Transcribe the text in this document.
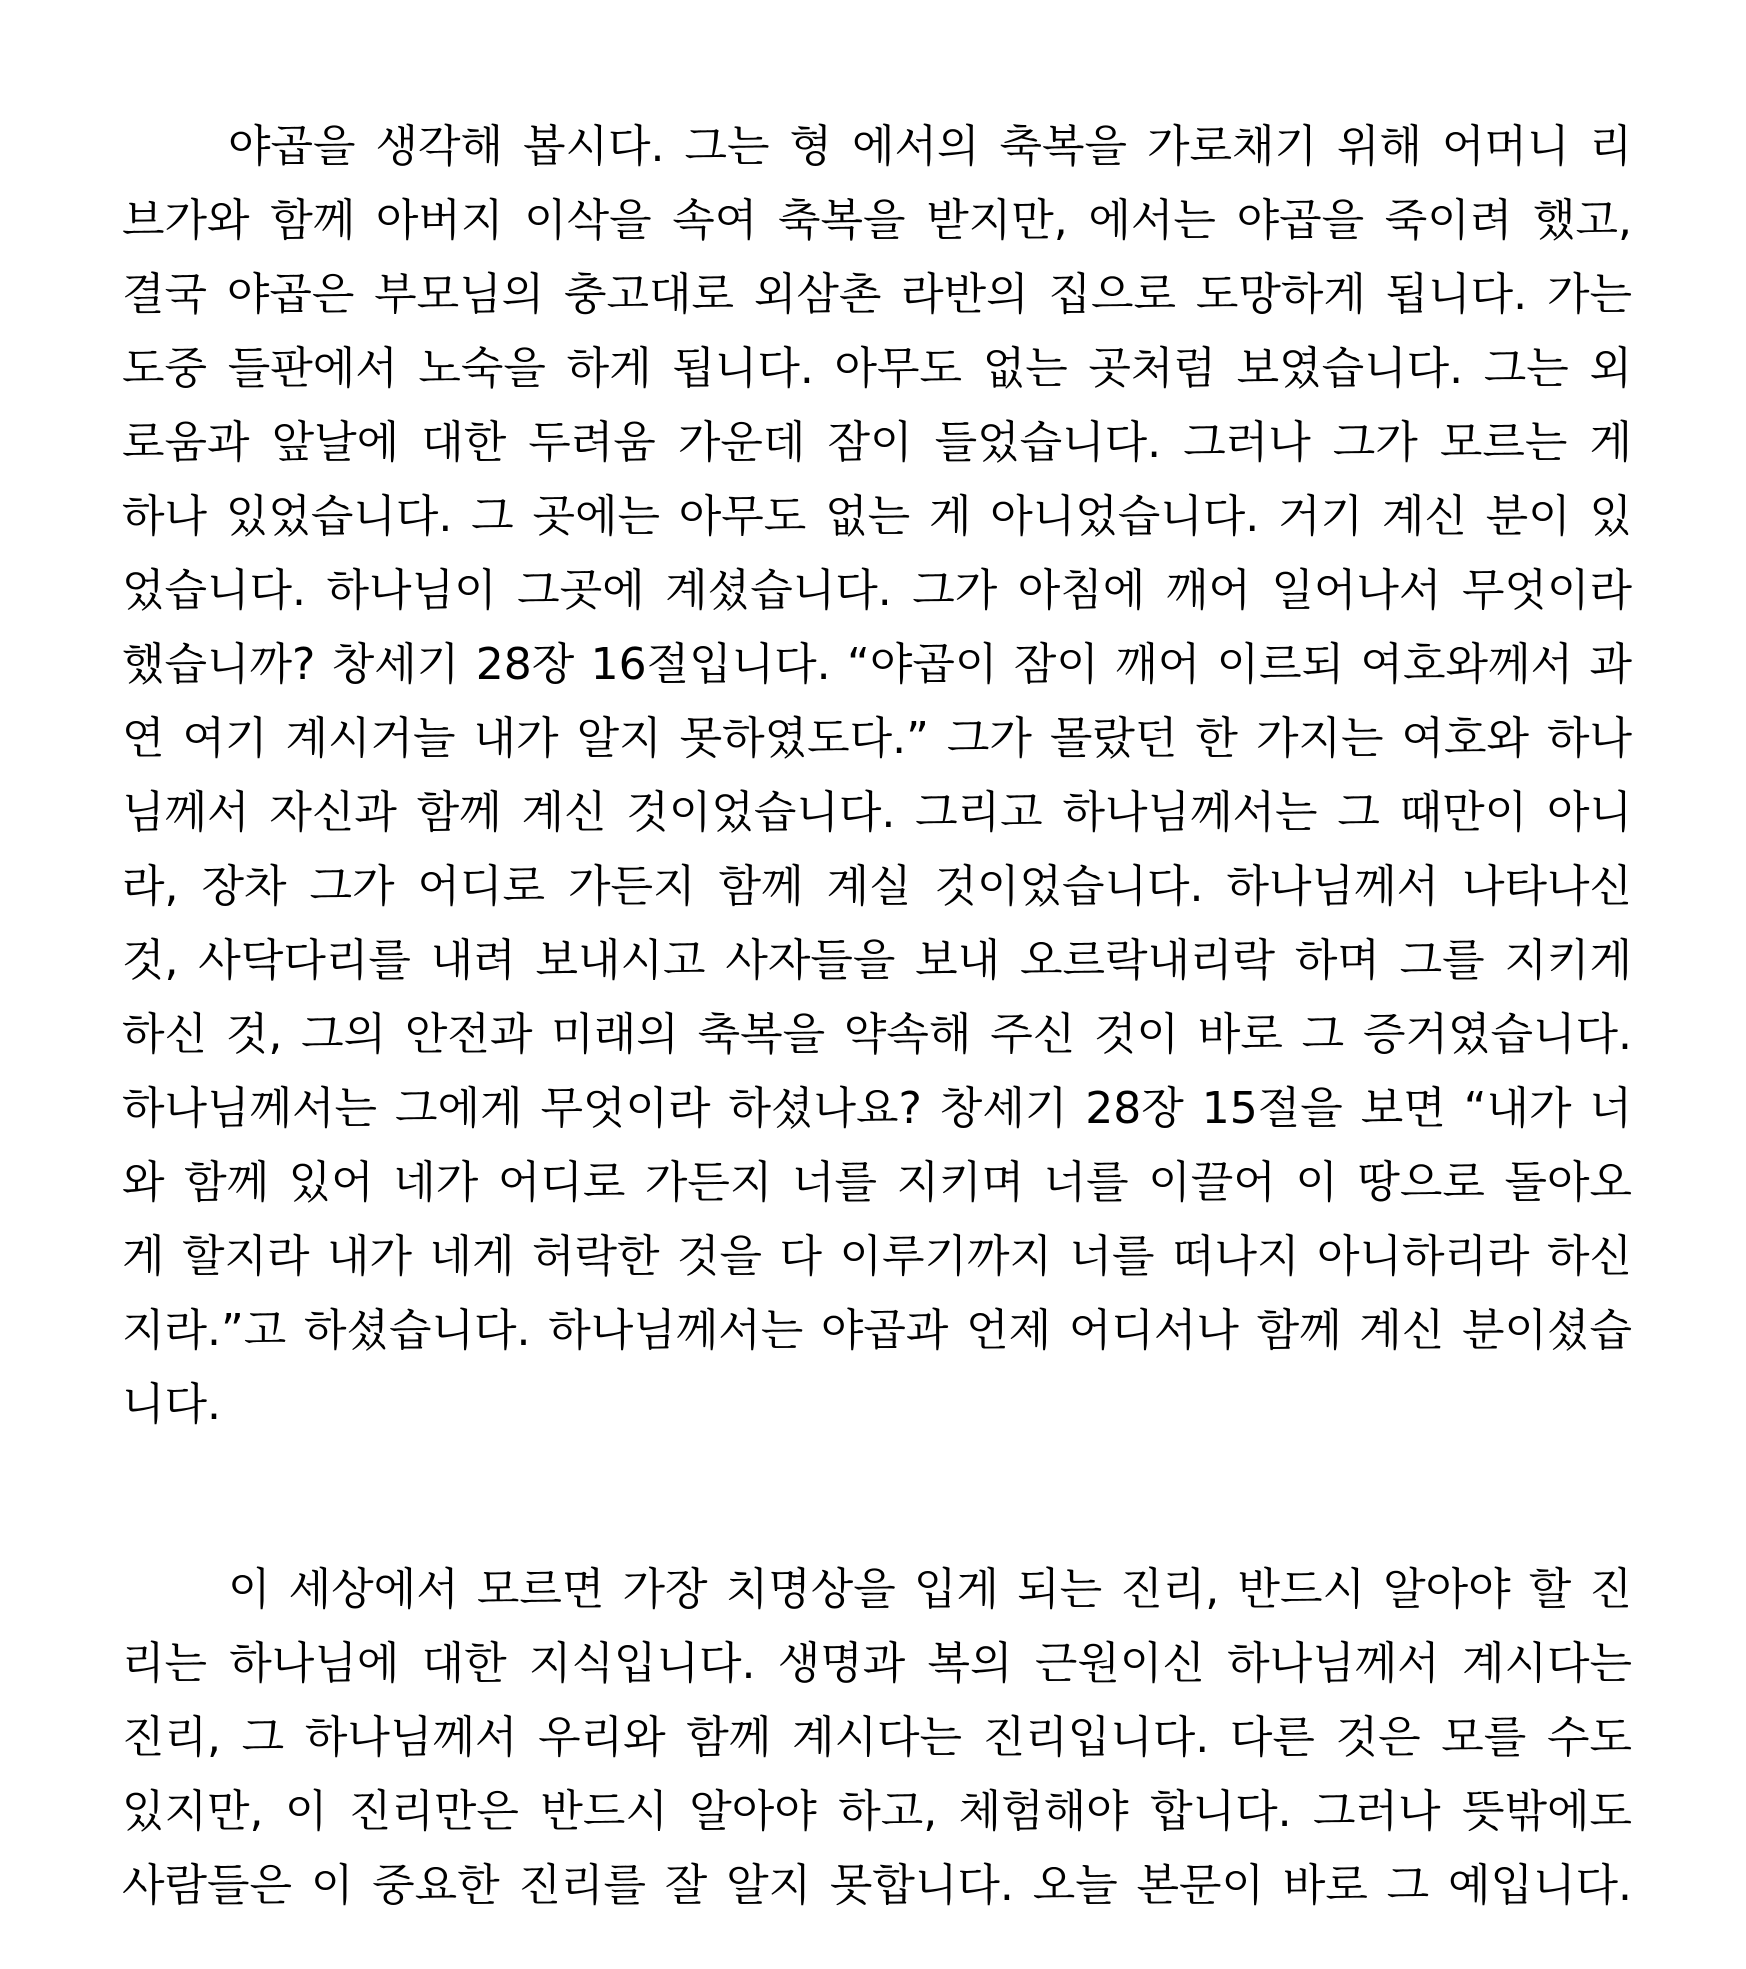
야곱을 생각해 봅시다. 그는 형 에서의 축복을 가로채기 위해 어머니 리
브가와 함께 아버지 이삭을 속여 축복을 받지만, 에서는 야곱을 죽이려 했고,
결국 야곱은 부모님의 충고대로 외삼촌 라반의 집으로 도망하게 됩니다. 가는
도중 들판에서 노숙을 하게 됩니다. 아무도 없는 곳처럼 보였습니다. 그는 외
로움과 앞날에 대한 두려움 가운데 잠이 들었습니다. 그러나 그가 모르는 게
하나 있었습니다. 그 곳에는 아무도 없는 게 아니었습니다. 거기 계신 분이 있
었습니다. 하나님이 그곳에 계셨습니다. 그가 아침에 깨어 일어나서 무엇이라
했습니까? 창세기 28장 16절입니다. “야곱이 잠이 깨어 이르되 여호와께서 과
연 여기 계시거늘 내가 알지 못하였도다.” 그가 몰랐던 한 가지는 여호와 하나
님께서 자신과 함께 계신 것이었습니다. 그리고 하나님께서는 그 때만이 아니
라, 장차 그가 어디로 가든지 함께 계실 것이었습니다. 하나님께서 나타나신
것, 사닥다리를 내려 보내시고 사자들을 보내 오르락내리락 하며 그를 지키게
하신 것, 그의 안전과 미래의 축복을 약속해 주신 것이 바로 그 증거였습니다.
하나님께서는 그에게 무엇이라 하셨나요? 창세기 28장 15절을 보면 “내가 너
와 함께 있어 네가 어디로 가든지 너를 지키며 너를 이끌어 이 땅으로 돌아오
게 할지라 내가 네게 허락한 것을 다 이루기까지 너를 떠나지 아니하리라 하신
지라.”고 하셨습니다. 하나님께서는 야곱과 언제 어디서나 함께 계신 분이셨습
니다.
이 세상에서 모르면 가장 치명상을 입게 되는 진리, 반드시 알아야 할 진
리는 하나님에 대한 지식입니다. 생명과 복의 근원이신 하나님께서 계시다는
진리, 그 하나님께서 우리와 함께 계시다는 진리입니다. 다른 것은 모를 수도
있지만, 이 진리만은 반드시 알아야 하고, 체험해야 합니다. 그러나 뜻밖에도
사람들은 이 중요한 진리를 잘 알지 못합니다. 오늘 본문이 바로 그 예입니다.
